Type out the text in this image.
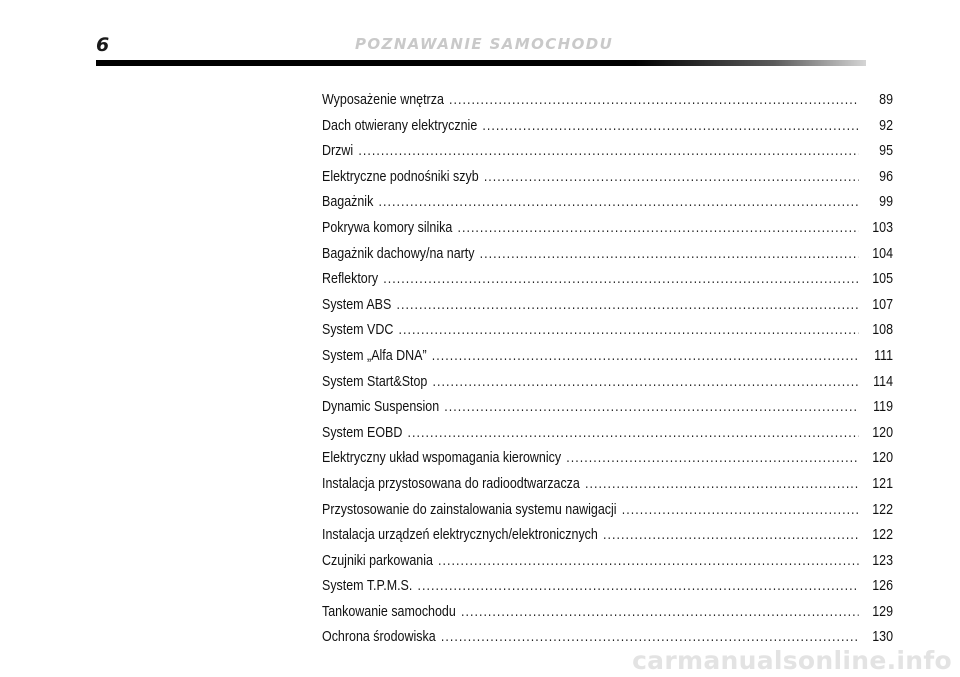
6	POZNAWANIE SAMOCHODU
Wyposażenie wnętrza .....	89
Dach otwierany elektrycznie .....	92
Drzwi .....	95
Elektryczne podnośniki szyb .....	96
Bagażnik .....	99
Pokrywa komory silnika .....	103
Bagażnik dachowy/na narty .....	104
Reflektory .....	105
System ABS .....	107
System VDC .....	108
System „Alfa DNA” .....	111
System Start&Stop .....	114
Dynamic Suspension .....	119
System EOBD .....	120
Elektryczny układ wspomagania kierownicy .....	120
Instalacja przystosowana do radioodtwarzacza .....	121
Przystosowanie do zainstalowania systemu nawigacji .....	122
Instalacja urządzeń elektrycznych/elektronicznych .....	122
Czujniki parkowania .....	123
System T.P.M.S. .....	126
Tankowanie samochodu .....	129
Ochrona środowiska .....	130
carmanualsonline.info
